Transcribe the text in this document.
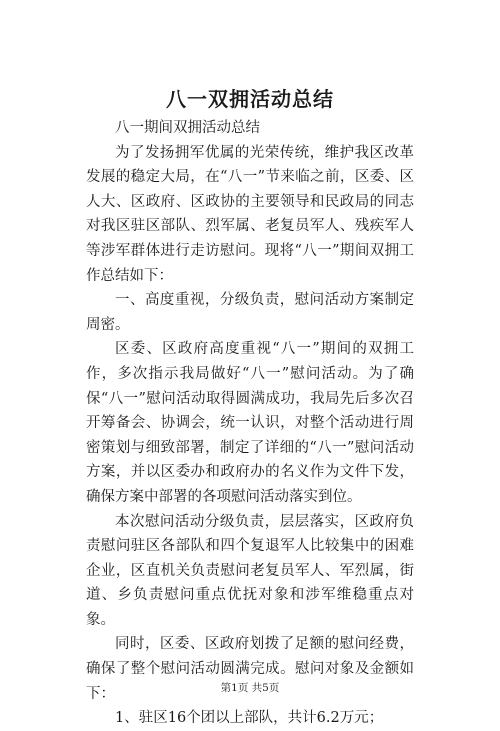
八一双拥活动总结

八一期间双拥活动总结

为了发扬拥军优属的光荣传统，维护我区改革发展的稳定大局，在“八一”节来临之前，区委、区人大、区政府、区政协的主要领导和民政局的同志对我区驻区部队、烈军属、老复员军人、残疾军人等涉军群体进行走访慰问。现将“八一”期间双拥工作总结如下：

一、高度重视，分级负责，慰问活动方案制定周密。

区委、区政府高度重视“八一”期间的双拥工作，多次指示我局做好“八一”慰问活动。为了确保“八一”慰问活动取得圆满成功，我局先后多次召开筹备会、协调会，统一认识，对整个活动进行周密策划与细致部署，制定了详细的“八一”慰问活动方案，并以区委办和政府办的名义作为文件下发，确保方案中部署的各项慰问活动落实到位。

本次慰问活动分级负责，层层落实，区政府负责慰问驻区各部队和四个复退军人比较集中的困难企业，区直机关负责慰问老复员军人、军烈属，街道、乡负责慰问重点优抚对象和涉军维稳重点对象。

同时，区委、区政府划拨了足额的慰问经费，确保了整个慰问活动圆满完成。慰问对象及金额如下：

1、驻区16个团以上部队，共计6.2万元；

第1页 共5页
